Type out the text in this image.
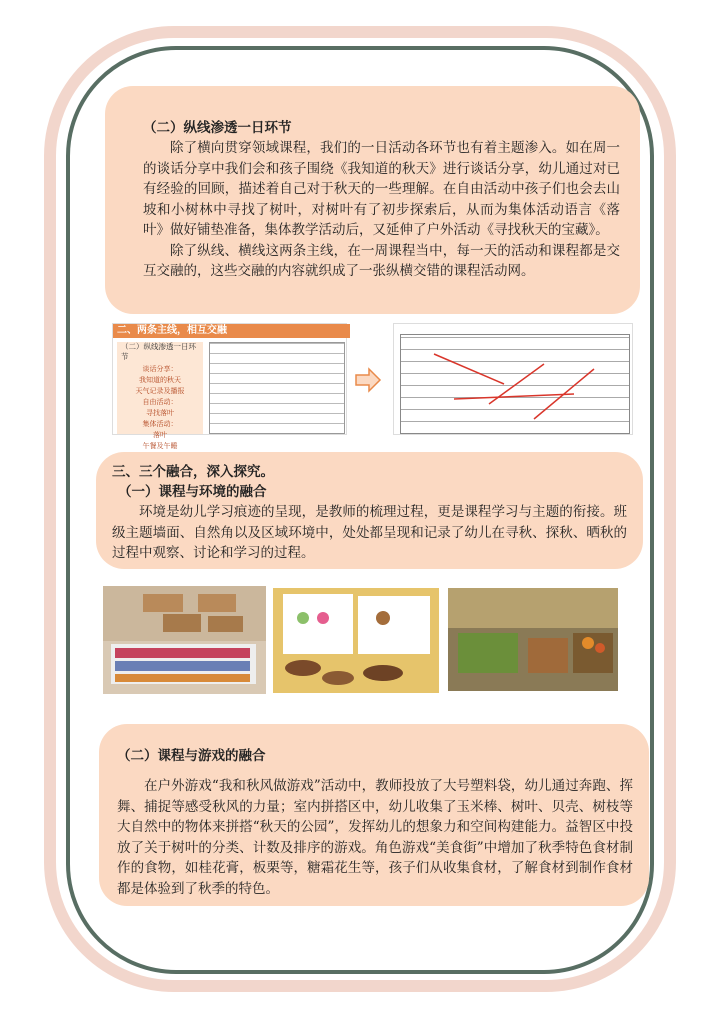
（二）纵线渗透一日环节
除了横向贯穿领域课程，我们的一日活动各环节也有着主题渗入。如在周一的谈话分享中我们会和孩子围绕《我知道的秋天》进行谈话分享，幼儿通过对已有经验的回顾，描述着自己对于秋天的一些理解。在自由活动中孩子们也会去山坡和小树林中寻找了树叶，对树叶有了初步探索后，从而为集体活动语言《落叶》做好铺垫准备，集体教学活动后，又延伸了户外活动《寻找秋天的宝藏》。
除了纵线、横线这两条主线，在一周课程当中，每一天的活动和课程都是交互交融的，这些交融的内容就织成了一张纵横交错的课程活动网。
二、两条主线，相互交融
（二）纵线渗透一日环节
谈话分享：
我知道的秋天
天气记录及播报
自由活动：
寻找落叶
集体活动：
落叶
午餐及午睡
三、三个融合，深入探究。
（一）课程与环境的融合
环境是幼儿学习痕迹的呈现，是教师的梳理过程，更是课程学习与主题的衔接。班级主题墙面、自然角以及区域环境中，处处都呈现和记录了幼儿在寻秋、探秋、晒秋的过程中观察、讨论和学习的过程。
（二）课程与游戏的融合
在户外游戏“我和秋风做游戏”活动中，教师投放了大号塑料袋，幼儿通过奔跑、挥舞、捕捉等感受秋风的力量；室内拼搭区中，幼儿收集了玉米棒、树叶、贝壳、树枝等大自然中的物体来拼搭“秋天的公园”，发挥幼儿的想象力和空间构建能力。益智区中投放了关于树叶的分类、计数及排序的游戏。角色游戏“美食街”中增加了秋季特色食材制作的食物，如桂花膏，板栗等，糖霜花生等，孩子们从收集食材，了解食材到制作食材都是体验到了秋季的特色。
